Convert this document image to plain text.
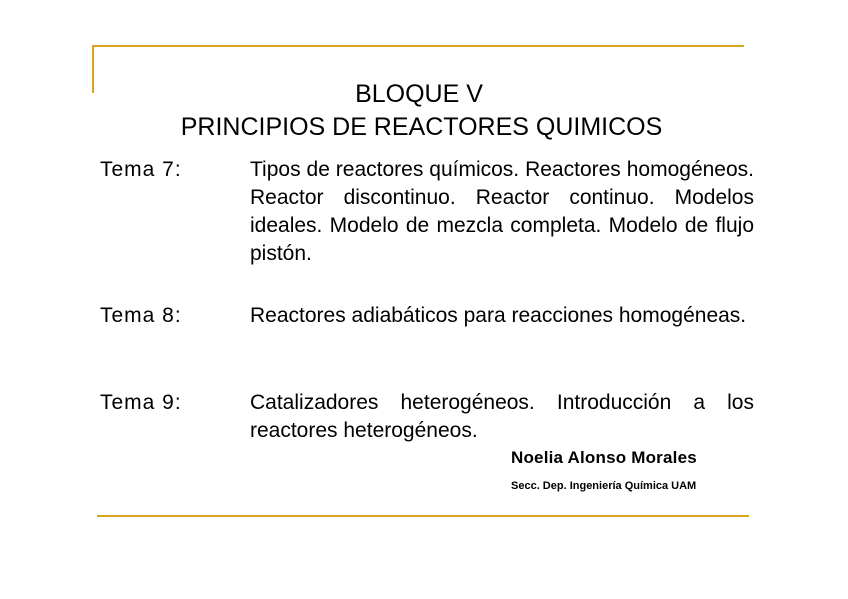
BLOQUE V
PRINCIPIOS DE REACTORES QUIMICOS
Tema 7:	Tipos de reactores químicos. Reactores homogéneos. Reactor discontinuo. Reactor continuo. Modelos ideales. Modelo de mezcla completa. Modelo de flujo pistón.
Tema 8:	Reactores adiabáticos para reacciones homogéneas.
Tema 9:	Catalizadores heterogéneos. Introducción a los reactores heterogéneos.
Noelia Alonso Morales
Secc. Dep. Ingeniería Química UAM
